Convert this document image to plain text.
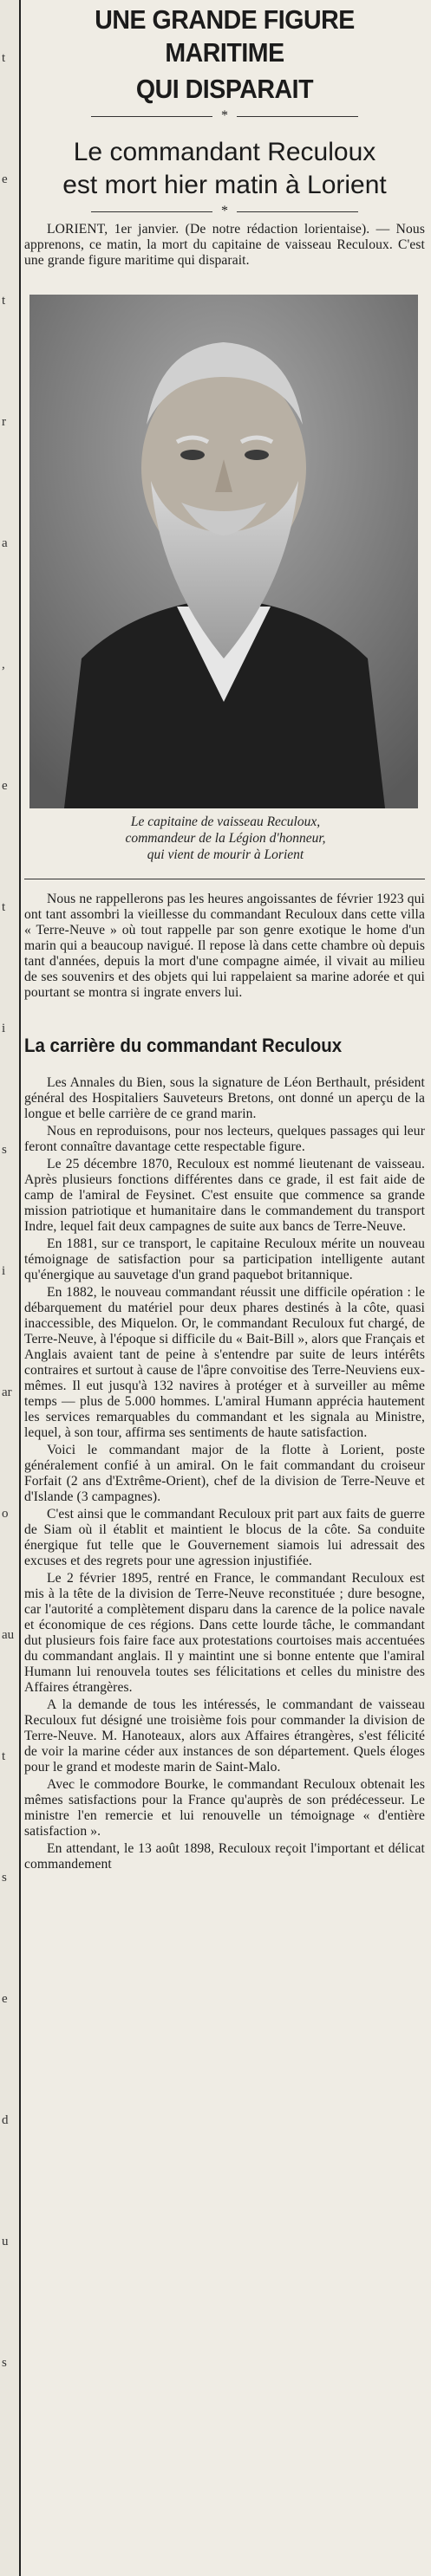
t
e
t
r
a
,
e
t
i
s
i
ar
o
au
t
s
e
d
u
s
UNE GRANDE FIGURE MARITIME
QUI DISPARAIT
*
Le commandant Reculoux
est mort hier matin à Lorient
*

LORIENT, 1er janvier. (De notre rédaction lorientaise). — Nous apprenons, ce matin, la mort du capitaine de vaisseau Reculoux. C'est une grande figure maritime qui disparait.

Le capitaine de vaisseau Reculoux,
commandeur de la Légion d'honneur,
qui vient de mourir à Lorient

Nous ne rappellerons pas les heures angoissantes de février 1923 qui ont tant assombri la vieillesse du commandant Reculoux dans cette villa « Terre-Neuve » où tout rappelle par son genre exotique le home d'un marin qui a beaucoup navigué. Il repose là dans cette chambre où depuis tant d'années, depuis la mort d'une compagne aimée, il vivait au milieu de ses souvenirs et des objets qui lui rappelaient sa marine adorée et qui pourtant se montra si ingrate envers lui.

La carrière du commandant Reculoux

Les Annales du Bien, sous la signature de Léon Berthault, président général des Hospitaliers Sauveteurs Bretons, ont donné un aperçu de la longue et belle carrière de ce grand marin.

Nous en reproduisons, pour nos lecteurs, quelques passages qui leur feront connaître davantage cette respectable figure.

Le 25 décembre 1870, Reculoux est nommé lieutenant de vaisseau. Après plusieurs fonctions différentes dans ce grade, il est fait aide de camp de l'amiral de Feysinet. C'est ensuite que commence sa grande mission patriotique et humanitaire dans le commandement du transport Indre, lequel fait deux campagnes de suite aux bancs de Terre-Neuve.

En 1881, sur ce transport, le capitaine Reculoux mérite un nouveau témoignage de satisfaction pour sa participation intelligente autant qu'énergique au sauvetage d'un grand paquebot britannique.

En 1882, le nouveau commandant réussit une difficile opération : le débarquement du matériel pour deux phares destinés à la côte, quasi inaccessible, des Miquelon. Or, le commandant Reculoux fut chargé, de Terre-Neuve, à l'époque si difficile du « Bait-Bill », alors que Français et Anglais avaient tant de peine à s'entendre par suite de leurs intérêts contraires et surtout à cause de l'âpre convoitise des Terre-Neuviens eux-mêmes. Il eut jusqu'à 132 navires à protéger et à surveiller au même temps — plus de 5.000 hommes. L'amiral Humann apprécia hautement les services remarquables du commandant et les signala au Ministre, lequel, à son tour, affirma ses sentiments de haute satisfaction.

Voici le commandant major de la flotte à Lorient, poste généralement confié à un amiral. On le fait commandant du croiseur Forfait (2 ans d'Extrême-Orient), chef de la division de Terre-Neuve et d'Islande (3 campagnes).

C'est ainsi que le commandant Reculoux prit part aux faits de guerre de Siam où il établit et maintient le blocus de la côte. Sa conduite énergique fut telle que le Gouvernement siamois lui adressait des excuses et des regrets pour une agression injustifiée.

Le 2 février 1895, rentré en France, le commandant Reculoux est mis à la tête de la division de Terre-Neuve reconstituée ; dure besogne, car l'autorité a complètement disparu dans la carence de la police navale et économique de ces régions. Dans cette lourde tâche, le commandant dut plusieurs fois faire face aux protestations courtoises mais accentuées du commandant anglais. Il y maintint une si bonne entente que l'amiral Humann lui renouvela toutes ses félicitations et celles du ministre des Affaires étrangères.

A la demande de tous les intéressés, le commandant de vaisseau Reculoux fut désigné une troisième fois pour commander la division de Terre-Neuve. M. Hanoteaux, alors aux Affaires étrangères, s'est félicité de voir la marine céder aux instances de son département. Quels éloges pour le grand et modeste marin de Saint-Malo.

Avec le commodore Bourke, le commandant Reculoux obtenait les mêmes satisfactions pour la France qu'auprès de son prédécesseur. Le ministre l'en remercie et lui renouvelle un témoignage « d'entière satisfaction ».

En attendant, le 13 août 1898, Reculoux reçoit l'important et délicat commandement
